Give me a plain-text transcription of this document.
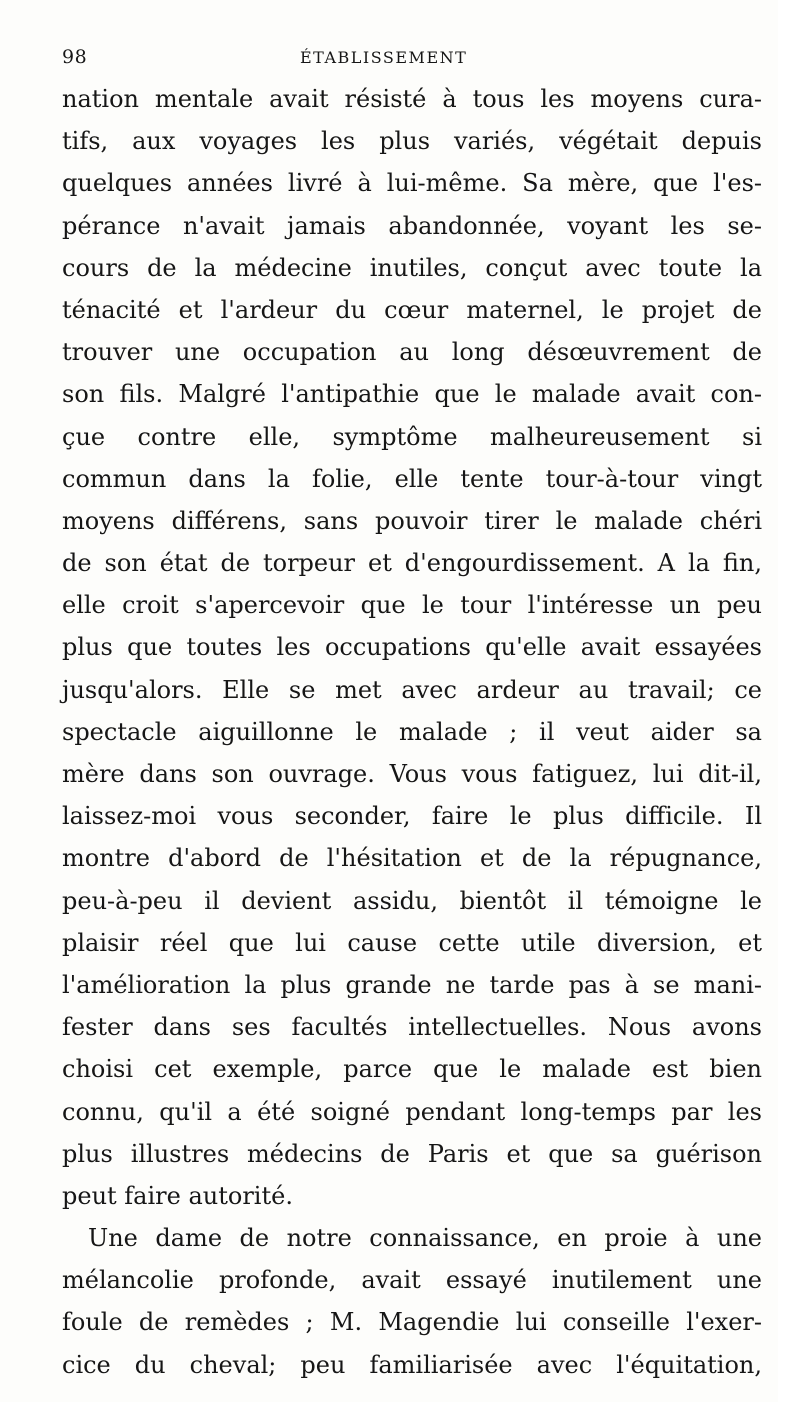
98	ÉTABLISSEMENT
nation mentale avait résisté à tous les moyens cura-
tifs, aux voyages les plus variés, végétait depuis
quelques années livré à lui-même. Sa mère, que l'es-
pérance n'avait jamais abandonnée, voyant les se-
cours de la médecine inutiles, conçut avec toute la
ténacité et l'ardeur du cœur maternel, le projet de
trouver une occupation au long désœuvrement de
son fils. Malgré l'antipathie que le malade avait con-
çue contre elle, symptôme malheureusement si
commun dans la folie, elle tente tour-à-tour vingt
moyens différens, sans pouvoir tirer le malade chéri
de son état de torpeur et d'engourdissement. A la fin,
elle croit s'apercevoir que le tour l'intéresse un peu
plus que toutes les occupations qu'elle avait essayées
jusqu'alors. Elle se met avec ardeur au travail; ce
spectacle aiguillonne le malade ; il veut aider sa
mère dans son ouvrage. Vous vous fatiguez, lui dit-il,
laissez-moi vous seconder, faire le plus difficile. Il
montre d'abord de l'hésitation et de la répugnance,
peu-à-peu il devient assidu, bientôt il témoigne le
plaisir réel que lui cause cette utile diversion, et
l'amélioration la plus grande ne tarde pas à se mani-
fester dans ses facultés intellectuelles. Nous avons
choisi cet exemple, parce que le malade est bien
connu, qu'il a été soigné pendant long-temps par les
plus illustres médecins de Paris et que sa guérison
peut faire autorité.
Une dame de notre connaissance, en proie à une
mélancolie profonde, avait essayé inutilement une
foule de remèdes ; M. Magendie lui conseille l'exer-
cice du cheval; peu familiarisée avec l'équitation,
